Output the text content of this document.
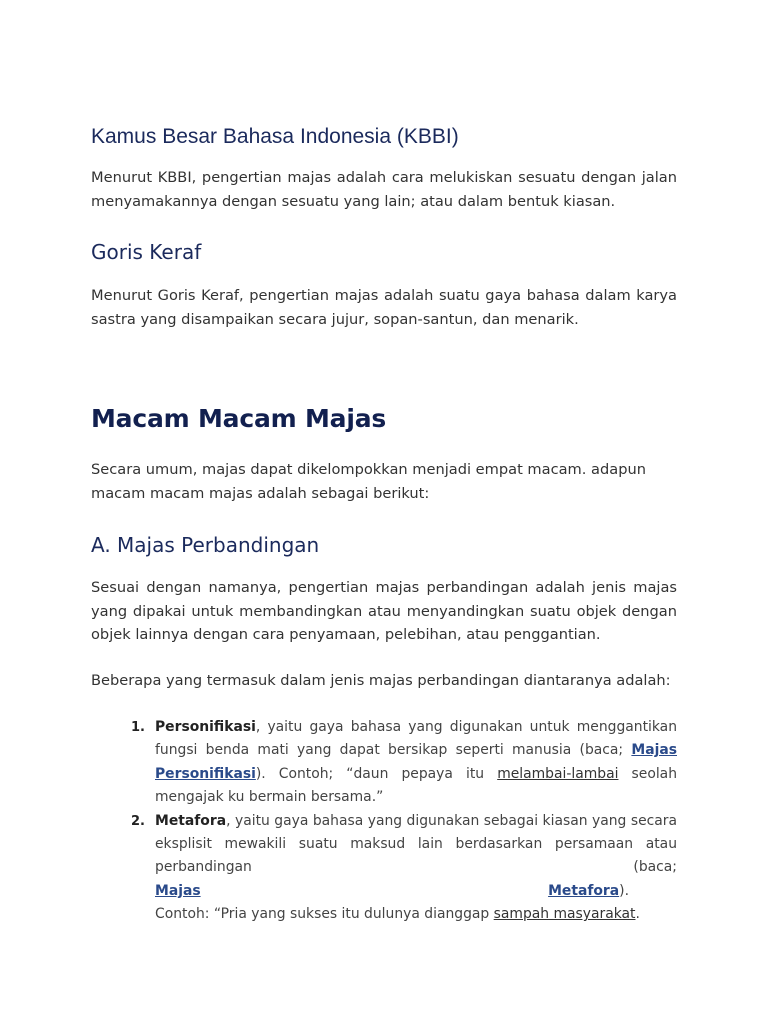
Kamus Besar Bahasa Indonesia (KBBI)

Menurut KBBI, pengertian majas adalah cara melukiskan sesuatu dengan jalan menyamakannya dengan sesuatu yang lain; atau dalam bentuk kiasan.

Goris Keraf

Menurut Goris Keraf, pengertian majas adalah suatu gaya bahasa dalam karya sastra yang disampaikan secara jujur, sopan-santun, dan menarik.

Macam Macam Majas

Secara umum, majas dapat dikelompokkan menjadi empat macam. adapun macam macam majas adalah sebagai berikut:

A. Majas Perbandingan

Sesuai dengan namanya, pengertian majas perbandingan adalah jenis majas yang dipakai untuk membandingkan atau menyandingkan suatu objek dengan objek lainnya dengan cara penyamaan, pelebihan, atau penggantian.

Beberapa yang termasuk dalam jenis majas perbandingan diantaranya adalah:

1. Personifikasi, yaitu gaya bahasa yang digunakan untuk menggantikan fungsi benda mati yang dapat bersikap seperti manusia (baca; Majas Personifikasi). Contoh; “daun pepaya itu melambai-lambai seolah mengajak ku bermain bersama.”
2. Metafora, yaitu gaya bahasa yang digunakan sebagai kiasan yang secara eksplisit mewakili suatu maksud lain berdasarkan persamaan atau perbandingan (baca;
Majas	Metafora ).

Contoh: “Pria yang sukses itu dulunya dianggap sampah masyarakat.
